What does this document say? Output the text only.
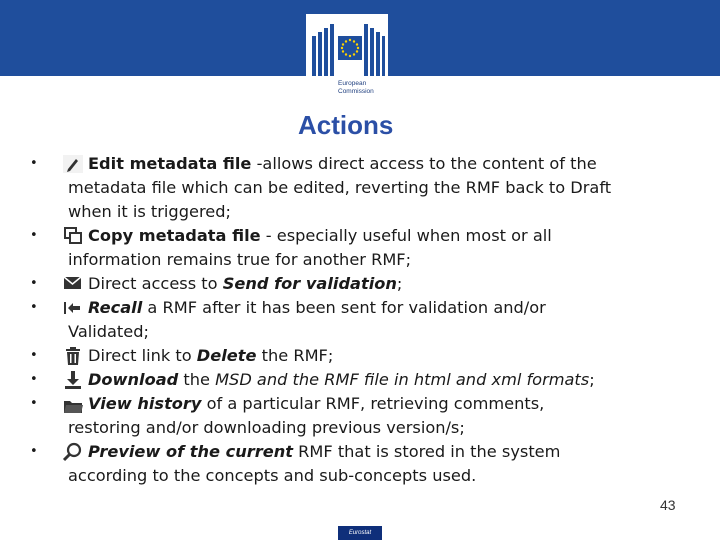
European
Commission
Actions
•	Edit metadata file -allows direct access to the content of the
metadata file which can be edited, reverting the RMF back to Draft
when it is triggered;
•	Copy metadata file - especially useful when most or all
information remains true for another RMF;
•	Direct access to Send for validation;
•	Recall a RMF after it has been sent for validation and/or
Validated;
•	Direct link to Delete the RMF;
•	Download the MSD and the RMF file in html and xml formats;
•	View history of a particular RMF, retrieving comments,
restoring and/or downloading previous version/s;
•	Preview of the current RMF that is stored in the system
according to the concepts and sub-concepts used.
43
Eurostat
